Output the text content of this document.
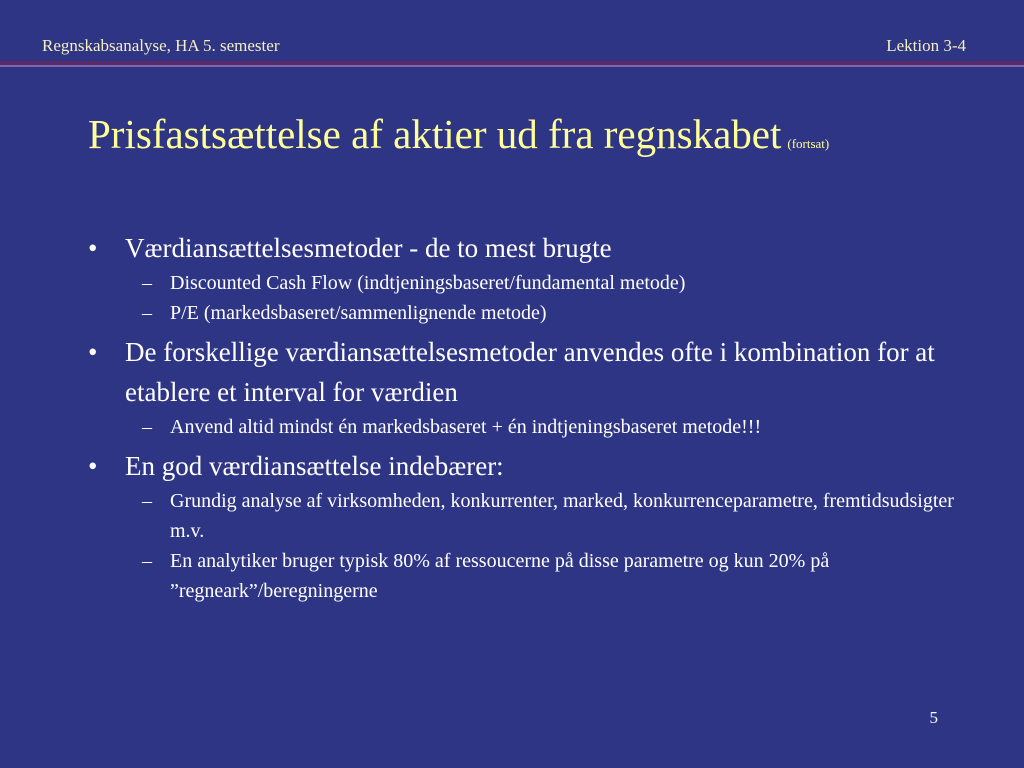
Regnskabsanalyse, HA 5. semester	Lektion 3-4
Prisfastsættelse af aktier ud fra regnskabet (fortsat)
•	Værdiansættelsesmetoder - de to mest brugte
– Discounted Cash Flow (indtjeningsbaseret/fundamental metode)
– P/E (markedsbaseret/sammenlignende metode)
•	De forskellige værdiansættelsesmetoder anvendes ofte i kombination for at etablere et interval for værdien
– Anvend altid mindst én markedsbaseret + én indtjeningsbaseret metode!!!
•	En god værdiansættelse indebærer:
– Grundig analyse af virksomheden, konkurrenter, marked, konkurrenceparametre, fremtidsudsigter m.v.
– En analytiker bruger typisk 80% af ressoucerne på disse parametre og kun 20% på ”regneark”/beregningerne
5
